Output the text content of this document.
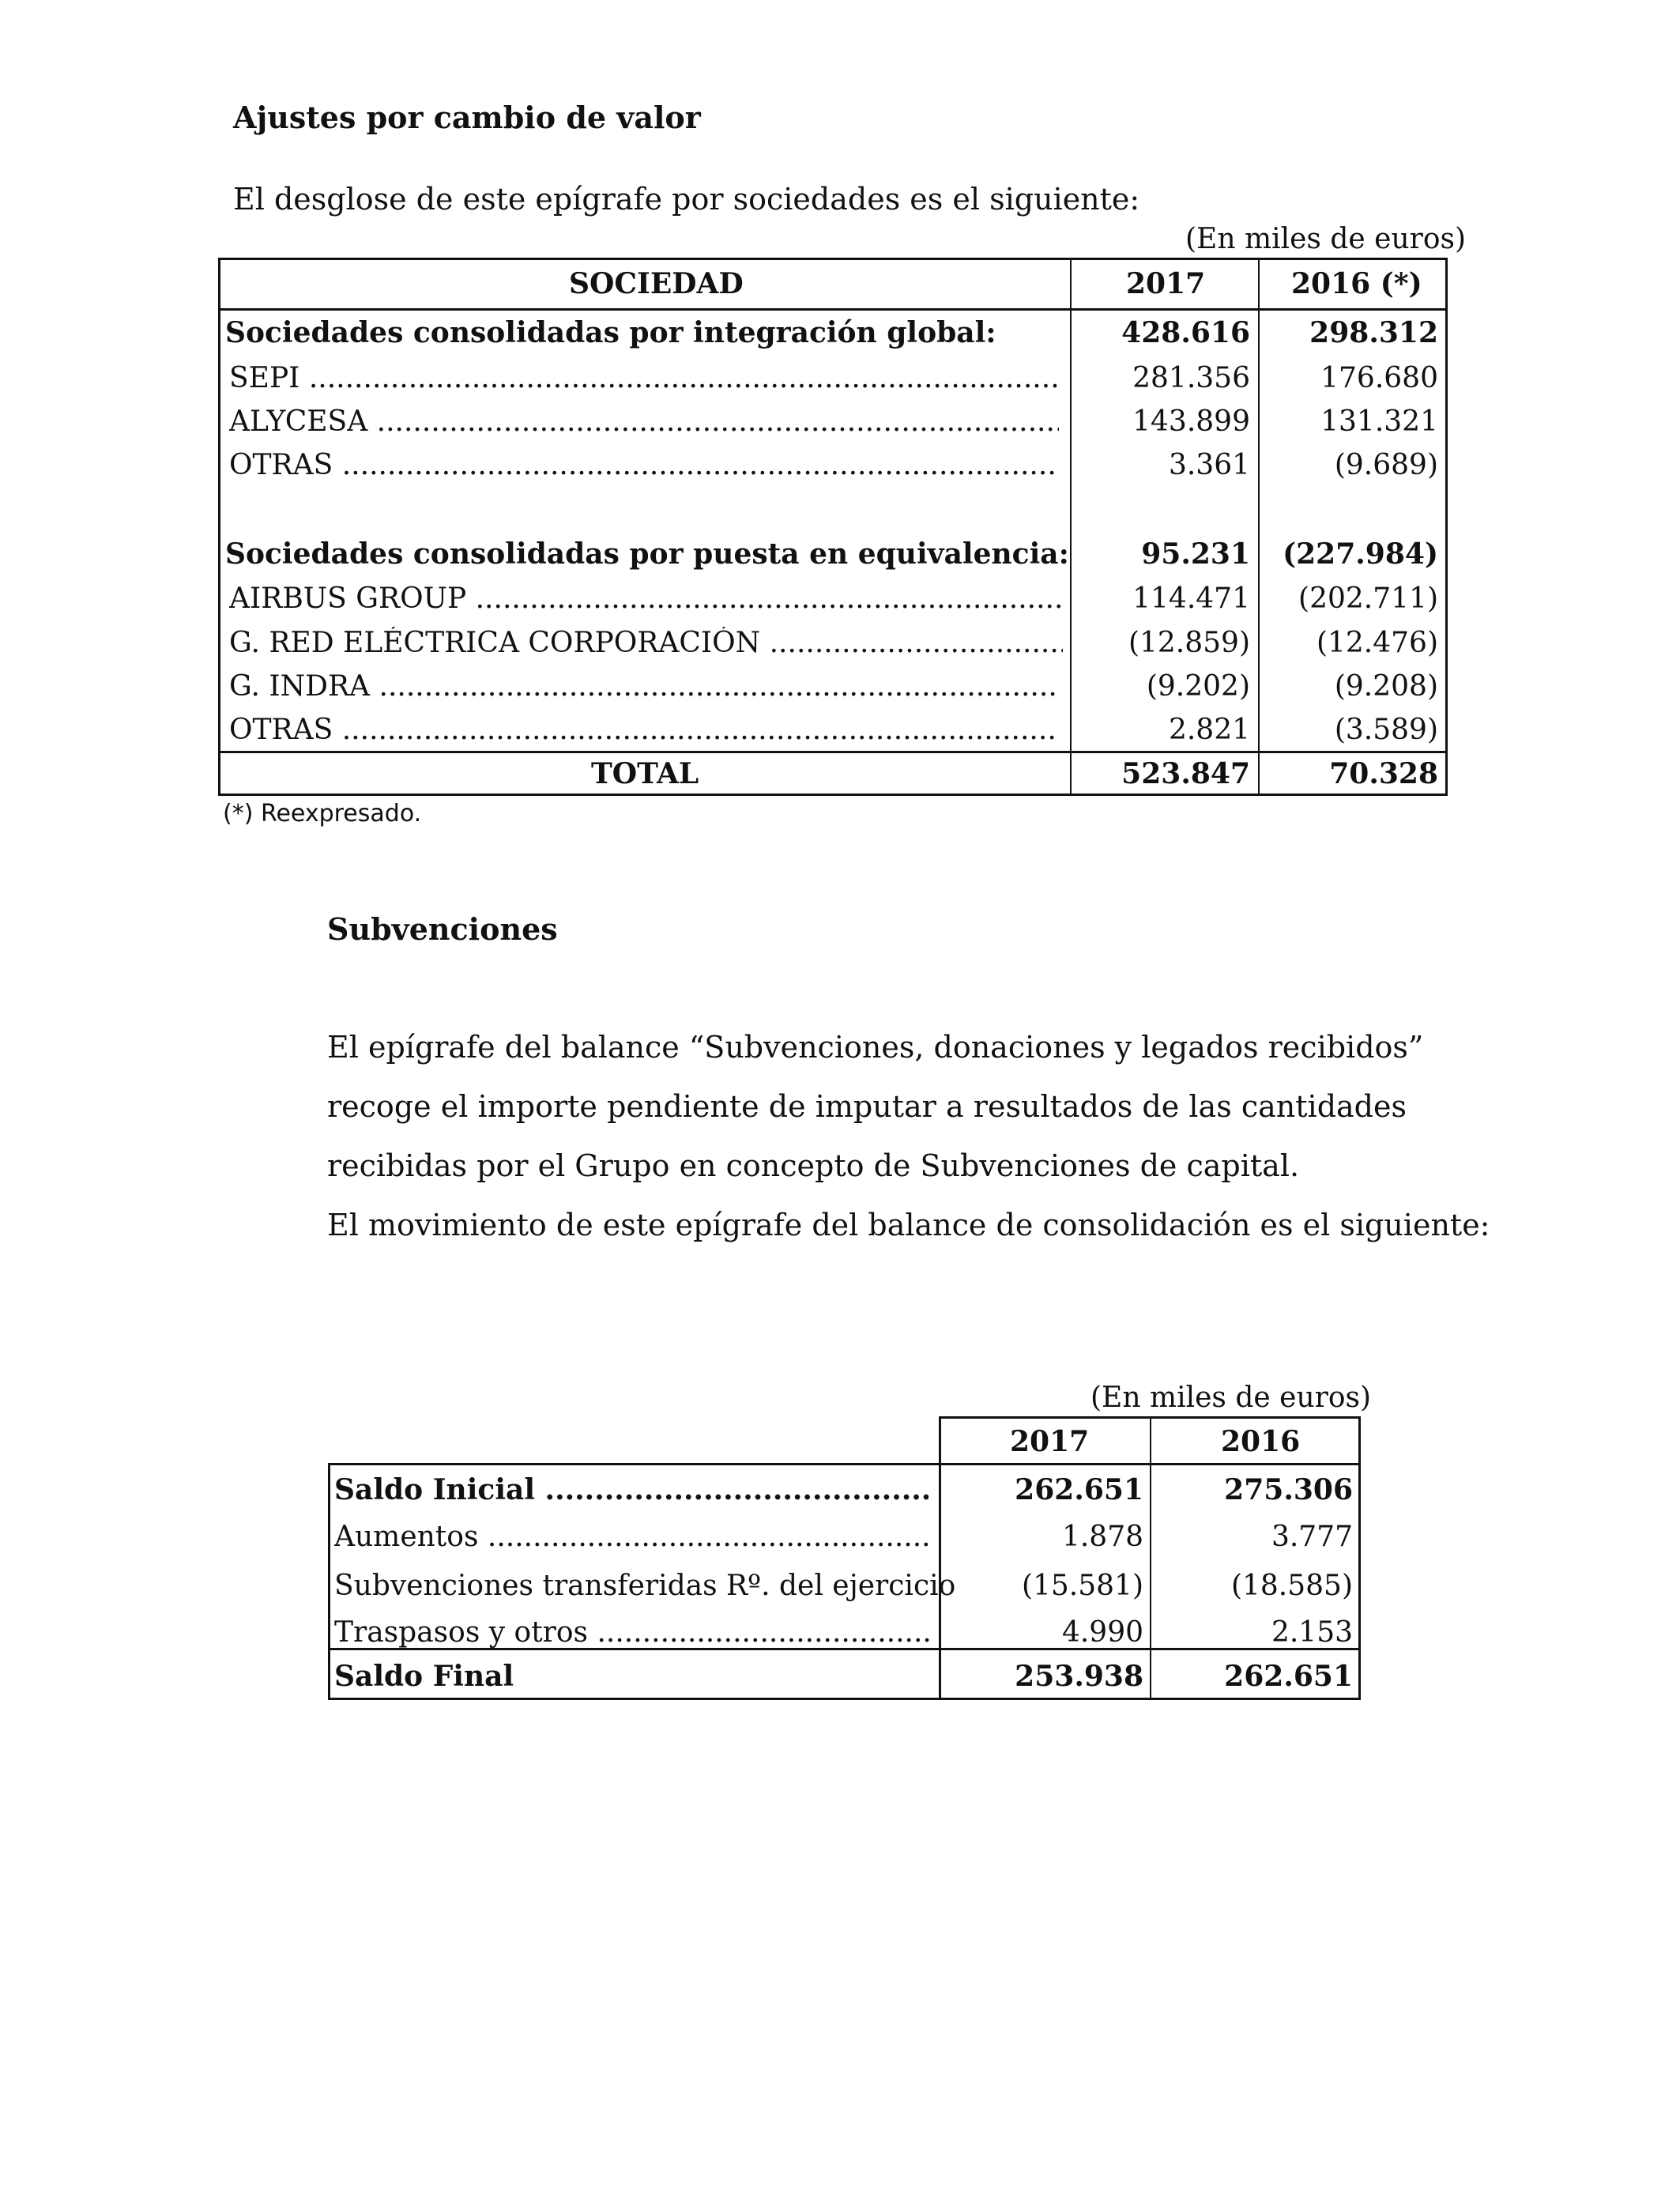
Ajustes por cambio de valor
El desglose de este epígrafe por sociedades es el siguiente:
(En miles de euros)
SOCIEDAD	2017	2016 (*)
Sociedades consolidadas por integración global:	428.616	298.312
SEPI .....	281.356	176.680
ALYCESA .....	143.899	131.321
OTRAS .....	3.361	(9.689)
Sociedades consolidadas por puesta en equivalencia:	95.231	(227.984)
AIRBUS GROUP .....	114.471	(202.711)
G. RED ELÉCTRICA CORPORACIÓN .....	(12.859)	(12.476)
G. INDRA .....	(9.202)	(9.208)
OTRAS .....	2.821	(3.589)
TOTAL	523.847	70.328
(*) Reexpresado.
Subvenciones
El epígrafe del balance “Subvenciones, donaciones y legados recibidos”
recoge el importe pendiente de imputar a resultados de las cantidades
recibidas por el Grupo en concepto de Subvenciones de capital.
El movimiento de este epígrafe del balance de consolidación es el siguiente:
(En miles de euros)
2017	2016
Saldo Inicial .....	262.651	275.306
Aumentos .....	1.878	3.777
Subvenciones transferidas Rº. del ejercicio	(15.581)	(18.585)
Traspasos y otros .....	4.990	2.153
Saldo Final	253.938	262.651
